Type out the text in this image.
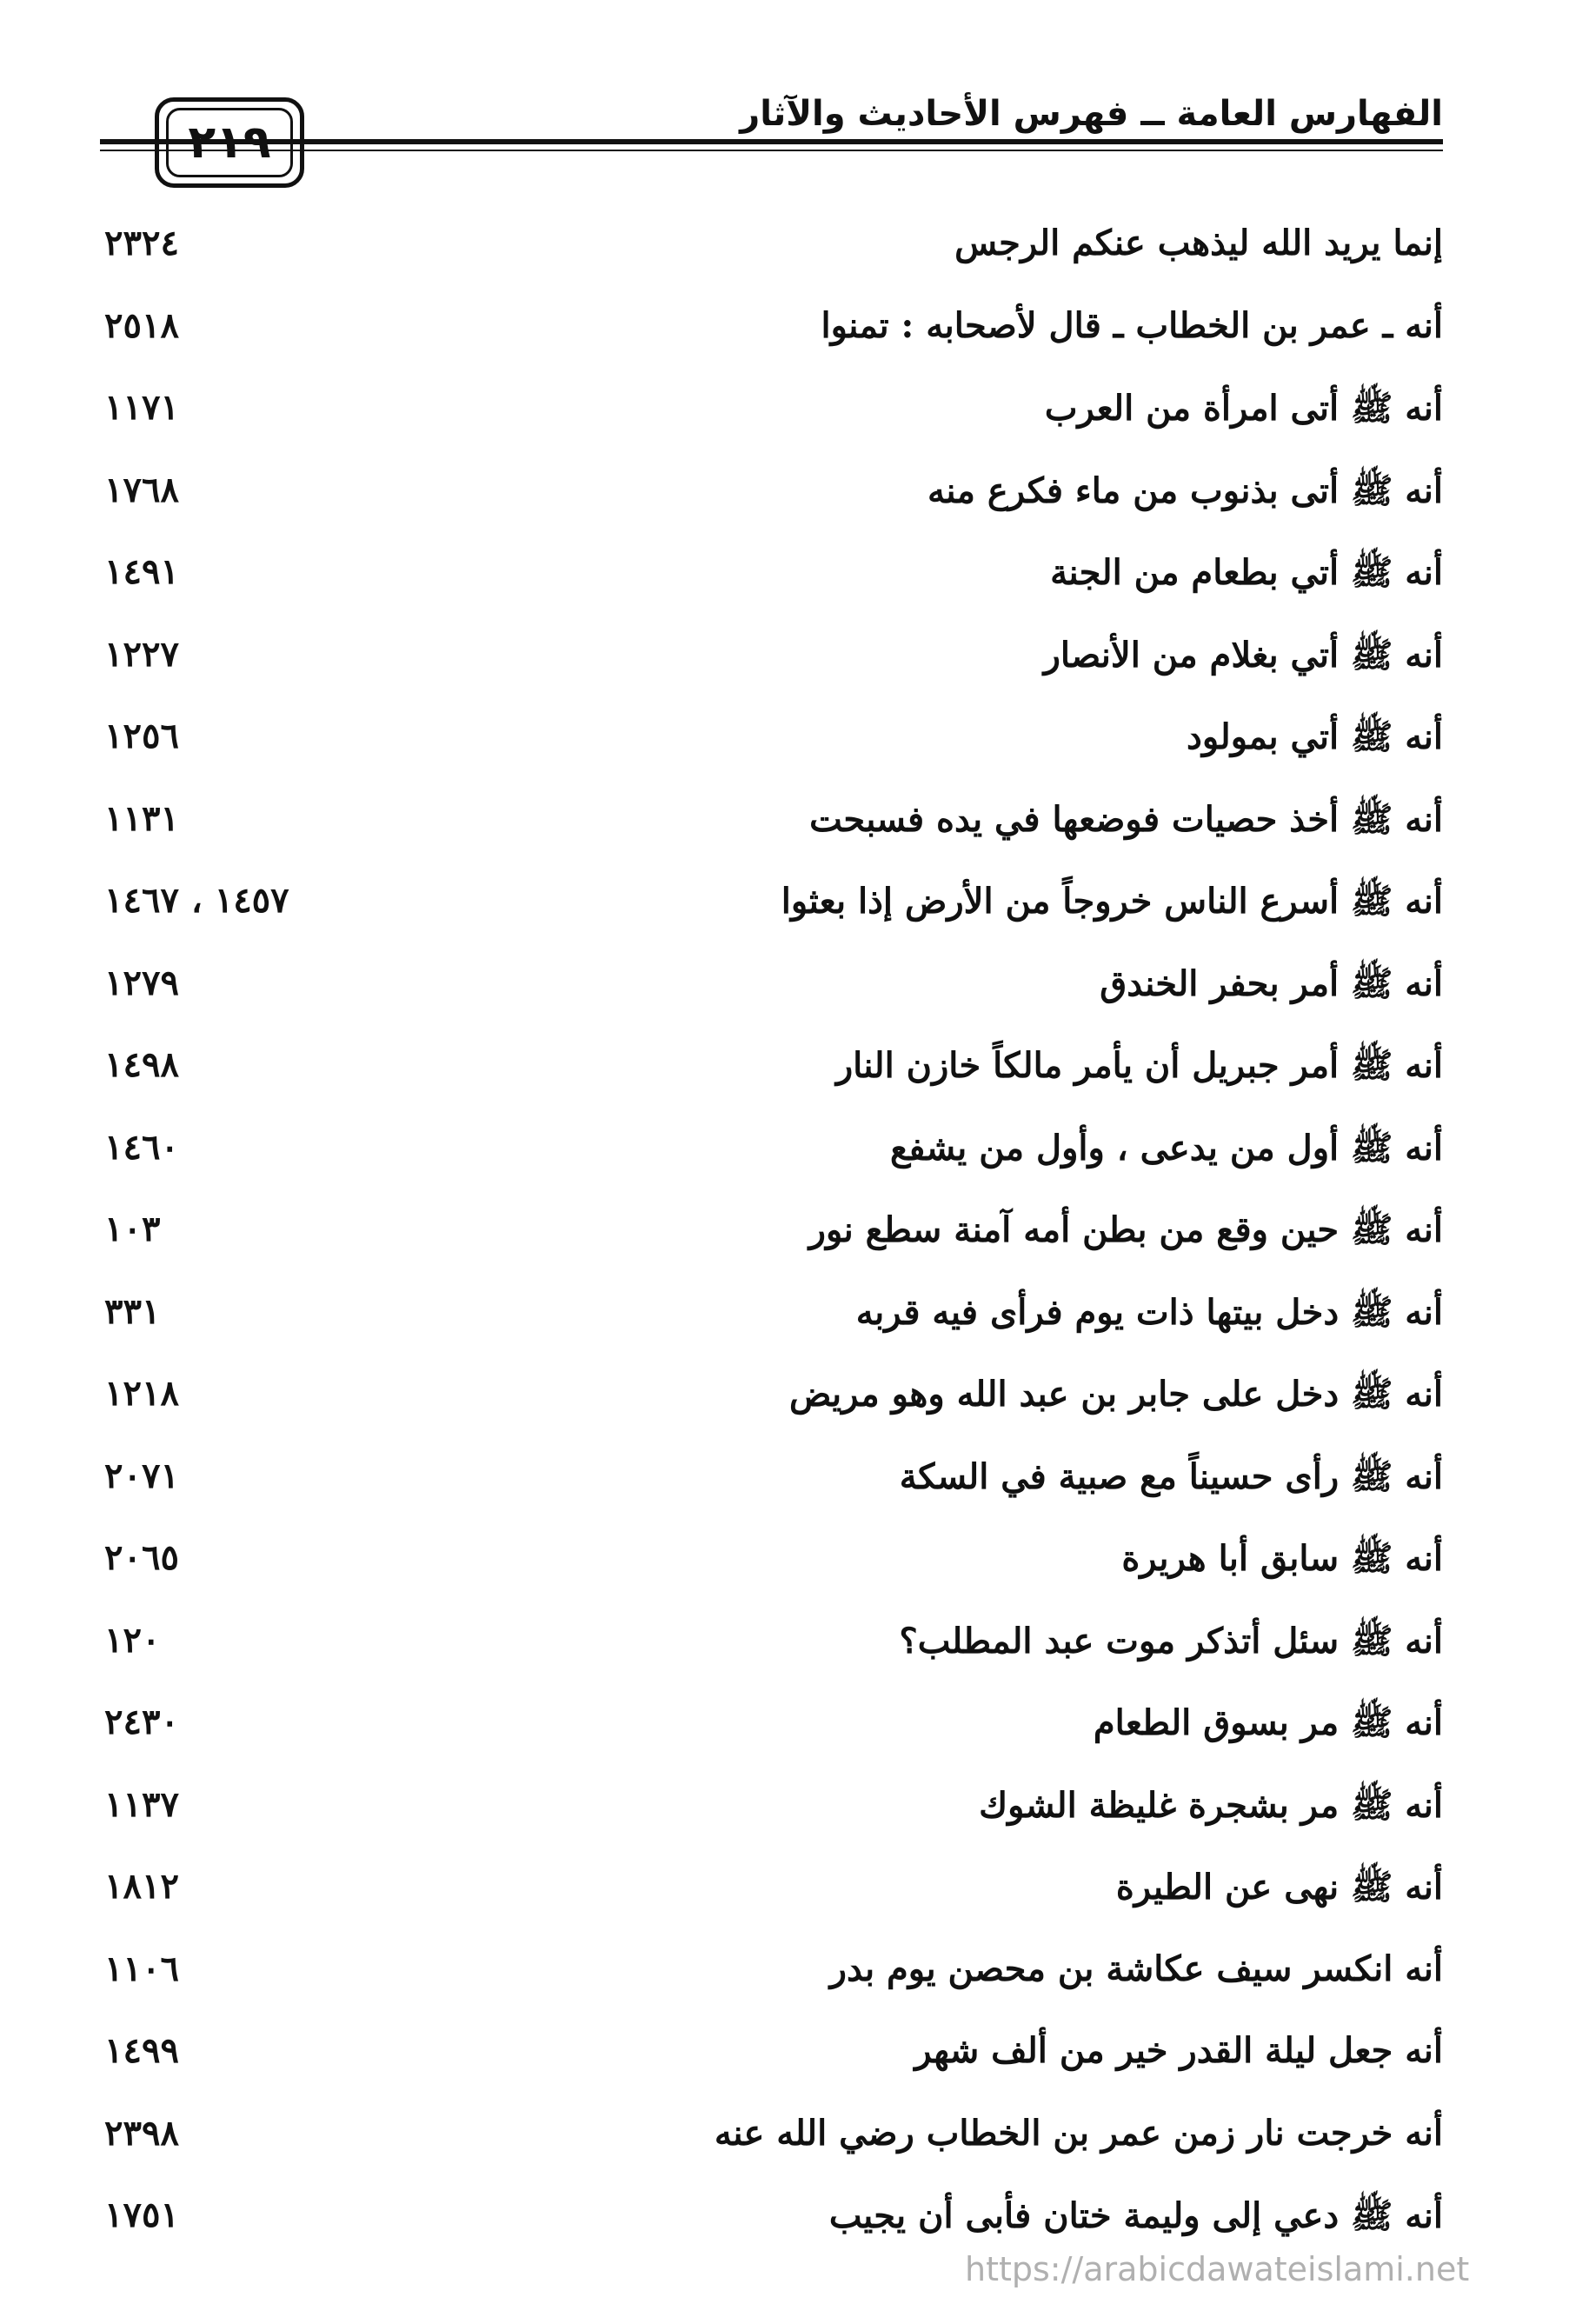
الفهارس العامة ــ فهرس الأحاديث والآثار
٢١٩
إنما يريد الله ليذهب عنكم الرجس
٢٣٢٤
أنه ـ عمر بن الخطاب ـ قال لأصحابه : تمنوا
٢٥١٨
أنه ﷺ أتى امرأة من العرب
١١٧١
أنه ﷺ أتى بذنوب من ماء فكرع منه
١٧٦٨
أنه ﷺ أتي بطعام من الجنة
١٤٩١
أنه ﷺ أتي بغلام من الأنصار
١٢٢٧
أنه ﷺ أتي بمولود
١٢٥٦
أنه ﷺ أخذ حصيات فوضعها في يده فسبحت
١١٣١
أنه ﷺ أسرع الناس خروجاً من الأرض إذا بعثوا
١٤٥٧ ، ١٤٦٧
أنه ﷺ أمر بحفر الخندق
١٢٧٩
أنه ﷺ أمر جبريل أن يأمر مالكاً خازن النار
١٤٩٨
أنه ﷺ أول من يدعى ، وأول من يشفع
١٤٦٠
أنه ﷺ حين وقع من بطن أمه آمنة سطع نور
١٠٣
أنه ﷺ دخل بيتها ذات يوم فرأى فيه قربه
٣٣١
أنه ﷺ دخل على جابر بن عبد الله وهو مريض
١٢١٨
أنه ﷺ رأى حسيناً مع صبية في السكة
٢٠٧١
أنه ﷺ سابق أبا هريرة
٢٠٦٥
أنه ﷺ سئل أتذكر موت عبد المطلب؟
١٢٠
أنه ﷺ مر بسوق الطعام
٢٤٣٠
أنه ﷺ مر بشجرة غليظة الشوك
١١٣٧
أنه ﷺ نهى عن الطيرة
١٨١٢
أنه انكسر سيف عكاشة بن محصن يوم بدر
١١٠٦
أنه جعل ليلة القدر خير من ألف شهر
١٤٩٩
أنه خرجت نار زمن عمر بن الخطاب رضي الله عنه
٢٣٩٨
أنه ﷺ دعي إلى وليمة ختان فأبى أن يجيب
١٧٥١
https://arabicdawateislami.net
